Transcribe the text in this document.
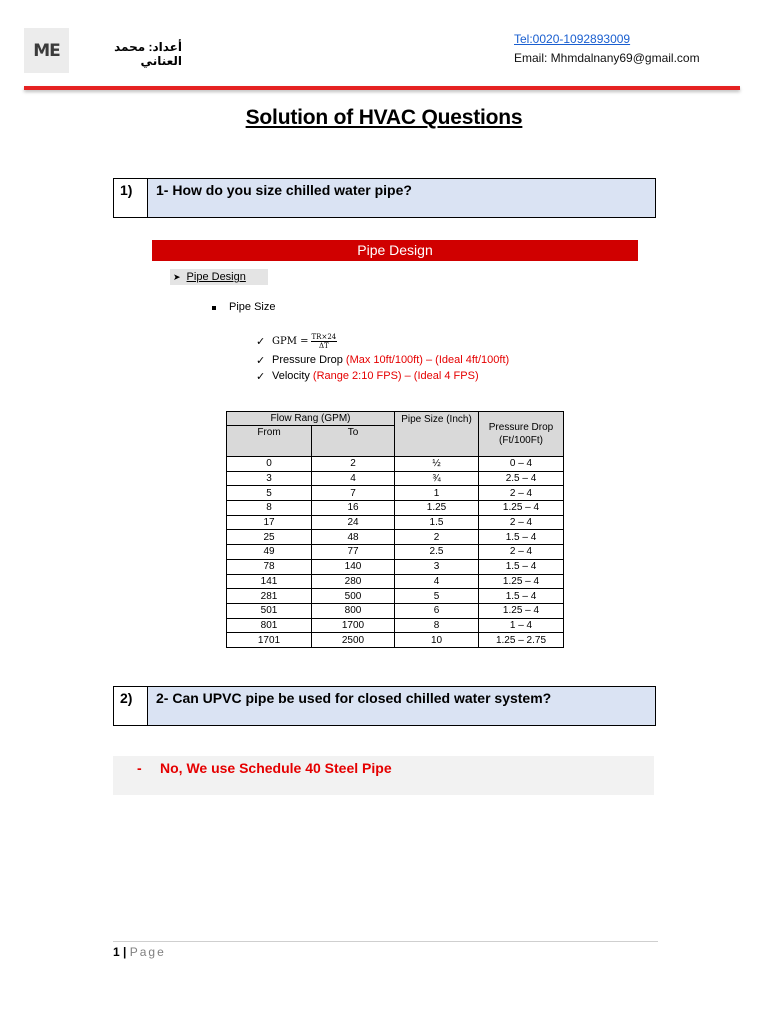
ME	أعداد: محمد العناني
Tel:0020-1092893009
Email: Mhmdalnany69@gmail.com
Solution of HVAC Questions
1)	1- How do you size chilled water pipe?
Pipe Design
➤ Pipe Design
Pipe Size
✓ GPM = $\frac{TR\times 24}{\Delta T}$
✓ Pressure Drop (Max 10ft/100ft) – (Ideal 4ft/100ft)
✓ Velocity (Range 2:10 FPS) – (Ideal 4 FPS)
Flow Rang (GPM)		Pipe Size (Inch)	Pressure Drop (Ft/100Ft)
From	To		
0	2	½	0 – 4
3	4	¾	2.5 – 4
5	7	1	2 – 4
8	16	1.25	1.25 – 4
17	24	1.5	2 – 4
25	48	2	1.5 – 4
49	77	2.5	2 – 4
78	140	3	1.5 – 4
141	280	4	1.25 – 4
281	500	5	1.5 – 4
501	800	6	1.25 – 4
801	1700	8	1 – 4
1701	2500	10	1.25 – 2.75
2)	2- Can UPVC pipe be used for closed chilled water system?
- No, We use Schedule 40 Steel Pipe
1 | Page
